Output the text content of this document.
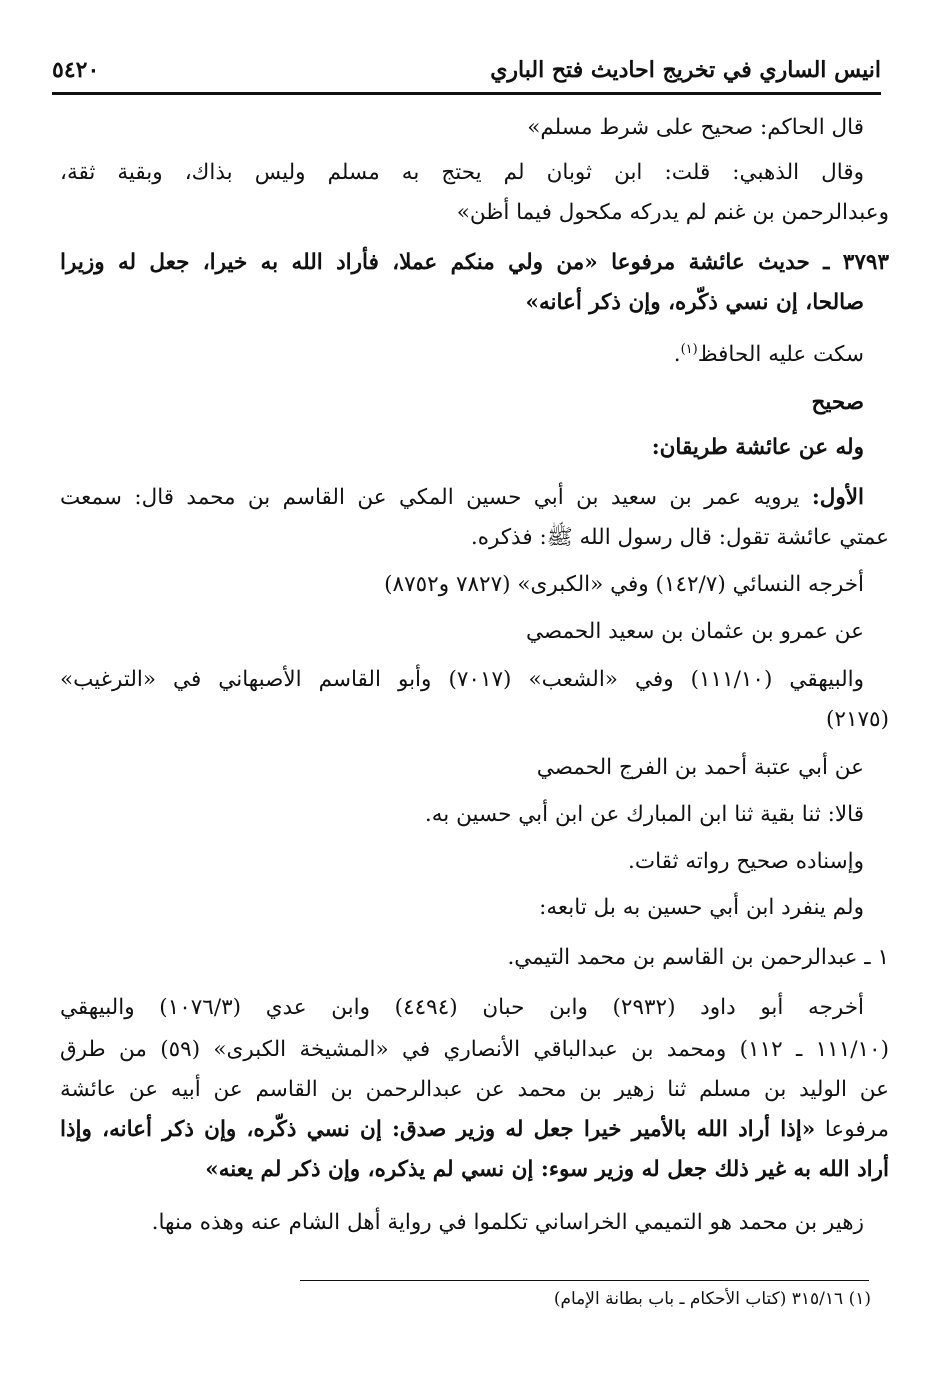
انيس الساري في تخريج احاديث فتح الباري
٥٤٢٠
قال الحاكم: صحيح على شرط مسلم»
وقال الذهبي: قلت: ابن ثوبان لم يحتج به مسلم وليس بذاك، وبقية ثقة،
وعبدالرحمن بن غنم لم يدركه مكحول فيما أظن»
٣٧٩٣ ـ حديث عائشة مرفوعا «من ولي منكم عملا، فأراد الله به خيرا، جعل له وزيرا
صالحا، إن نسي ذكّره، وإن ذكر أعانه»
سكت عليه الحافظ$^{(١)}$.
صحيح
وله عن عائشة طريقان:
الأول: يرويه عمر بن سعيد بن أبي حسين المكي عن القاسم بن محمد قال: سمعت
عمتي عائشة تقول: قال رسول الله ﷺ: فذكره.
أخرجه النسائي (١٤٢/٧) وفي «الكبرى» (٧٨٢٧ و٨٧٥٢)
عن عمرو بن عثمان بن سعيد الحمصي
والبيهقي (١١١/١٠) وفي «الشعب» (٧٠١٧) وأبو القاسم الأصبهاني في «الترغيب»
(٢١٧٥)
عن أبي عتبة أحمد بن الفرج الحمصي
قالا: ثنا بقية ثنا ابن المبارك عن ابن أبي حسين به.
وإسناده صحيح رواته ثقات.
ولم ينفرد ابن أبي حسين به بل تابعه:
١ ـ عبدالرحمن بن القاسم بن محمد التيمي.
أخرجه أبو داود (٢٩٣٢) وابن حبان (٤٤٩٤) وابن عدي (١٠٧٦/٣) والبيهقي
(١١١/١٠ ـ ١١٢) ومحمد بن عبدالباقي الأنصاري في «المشيخة الكبرى» (٥٩) من طرق
عن الوليد بن مسلم ثنا زهير بن محمد عن عبدالرحمن بن القاسم عن أبيه عن عائشة
مرفوعا «إذا أراد الله بالأمير خيرا جعل له وزير صدق: إن نسي ذكّره، وإن ذكر أعانه، وإذا
أراد الله به غير ذلك جعل له وزير سوء: إن نسي لم يذكره، وإن ذكر لم يعنه»
زهير بن محمد هو التميمي الخراساني تكلموا في رواية أهل الشام عنه وهذه منها.
(١) ٣١٥/١٦ (كتاب الأحكام ـ باب بطانة الإمام)
